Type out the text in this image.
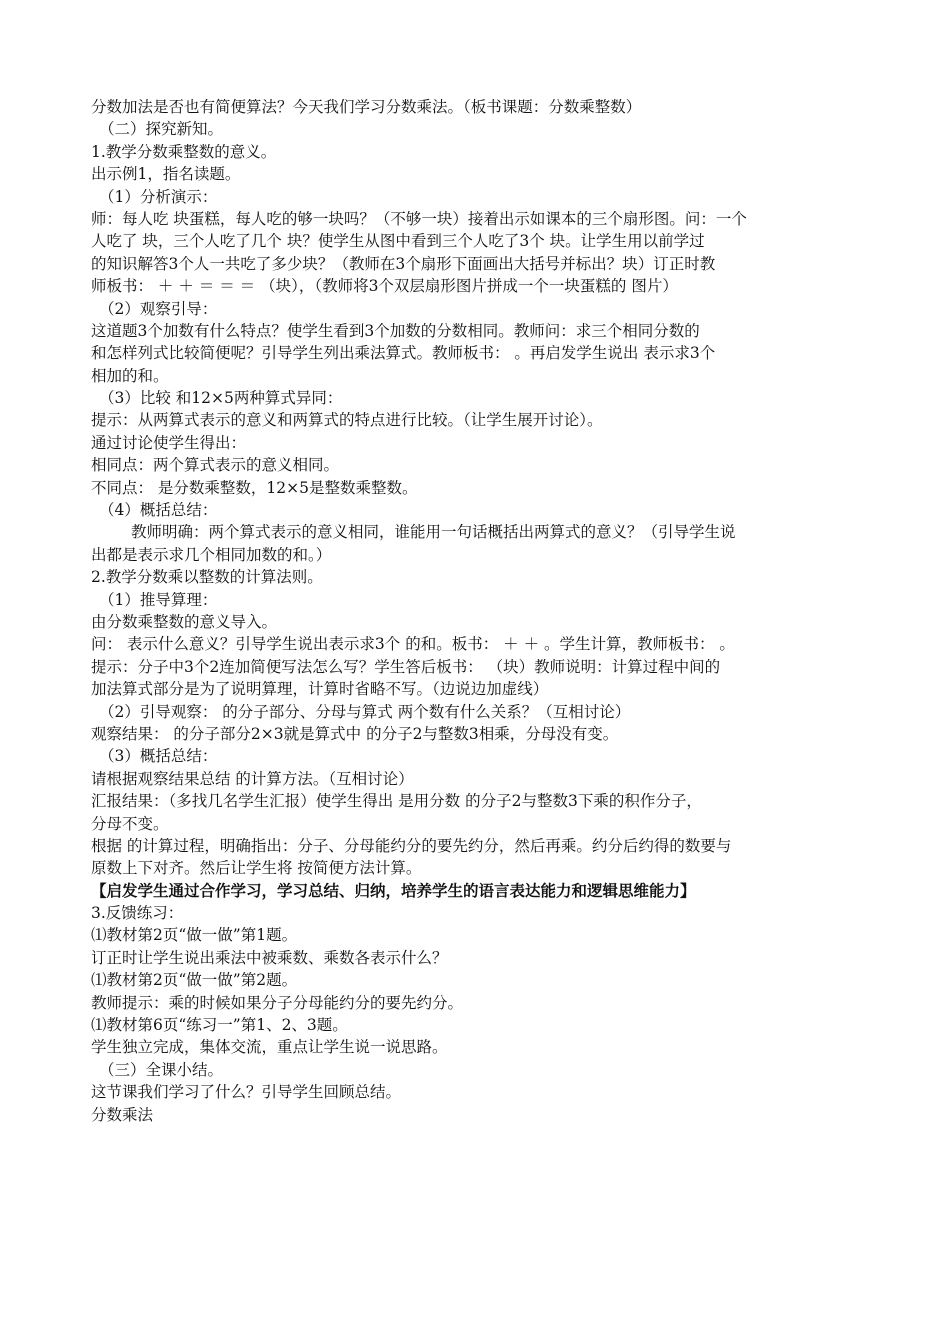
分数加法是否也有简便算法？今天我们学习分数乘法。（板书课题：分数乘整数）
（二）探究新知。
1.教学分数乘整数的意义。
出示例1，指名读题。
（1）分析演示：
师：每人吃 块蛋糕，每人吃的够一块吗？（不够一块）接着出示如课本的三个扇形图。问：一个
人吃了 块，三个人吃了几个 块？使学生从图中看到三个人吃了3个 块。让学生用以前学过
的知识解答3个人一共吃了多少块？（教师在3个扇形下面画出大括号并标出？块）订正时教
师板书： ＋ ＋ ＝ ＝ ＝ （块），（教师将3个双层扇形图片拼成一个一块蛋糕的 图片）
（2）观察引导：
这道题3个加数有什么特点？使学生看到3个加数的分数相同。教师问：求三个相同分数的
和怎样列式比较简便呢？引导学生列出乘法算式。教师板书： 。再启发学生说出 表示求3个
相加的和。
（3）比较 和12×5两种算式异同：
提示：从两算式表示的意义和两算式的特点进行比较。（让学生展开讨论）。
通过讨论使学生得出：
相同点：两个算式表示的意义相同。
不同点： 是分数乘整数，12×5是整数乘整数。
（4）概括总结：
教师明确：两个算式表示的意义相同，谁能用一句话概括出两算式的意义？（引导学生说
出都是表示求几个相同加数的和。）
2.教学分数乘以整数的计算法则。
（1）推导算理：
由分数乘整数的意义导入。
问： 表示什么意义？引导学生说出表示求3个 的和。板书： ＋ ＋ 。学生计算，教师板书： 。
提示：分子中3个2连加简便写法怎么写？学生答后板书： （块）教师说明：计算过程中间的
加法算式部分是为了说明算理，计算时省略不写。（边说边加虚线）
（2）引导观察： 的分子部分、分母与算式 两个数有什么关系？（互相讨论）
观察结果： 的分子部分2×3就是算式中 的分子2与整数3相乘，分母没有变。
（3）概括总结：
请根据观察结果总结 的计算方法。（互相讨论）
汇报结果：（多找几名学生汇报）使学生得出 是用分数 的分子2与整数3下乘的积作分子，
分母不变。
根据 的计算过程，明确指出：分子、分母能约分的要先约分，然后再乘。约分后约得的数要与
原数上下对齐。然后让学生将 按简便方法计算。
【启发学生通过合作学习，学习总结、归纳，培养学生的语言表达能力和逻辑思维能力】
3.反馈练习：
⑴教材第2页“做一做”第1题。
订正时让学生说出乘法中被乘数、乘数各表示什么？
⑴教材第2页“做一做”第2题。
教师提示：乘的时候如果分子分母能约分的要先约分。
⑴教材第6页“练习一”第1、2、3题。
学生独立完成，集体交流，重点让学生说一说思路。
（三）全课小结。
这节课我们学习了什么？引导学生回顾总结。
分数乘法
